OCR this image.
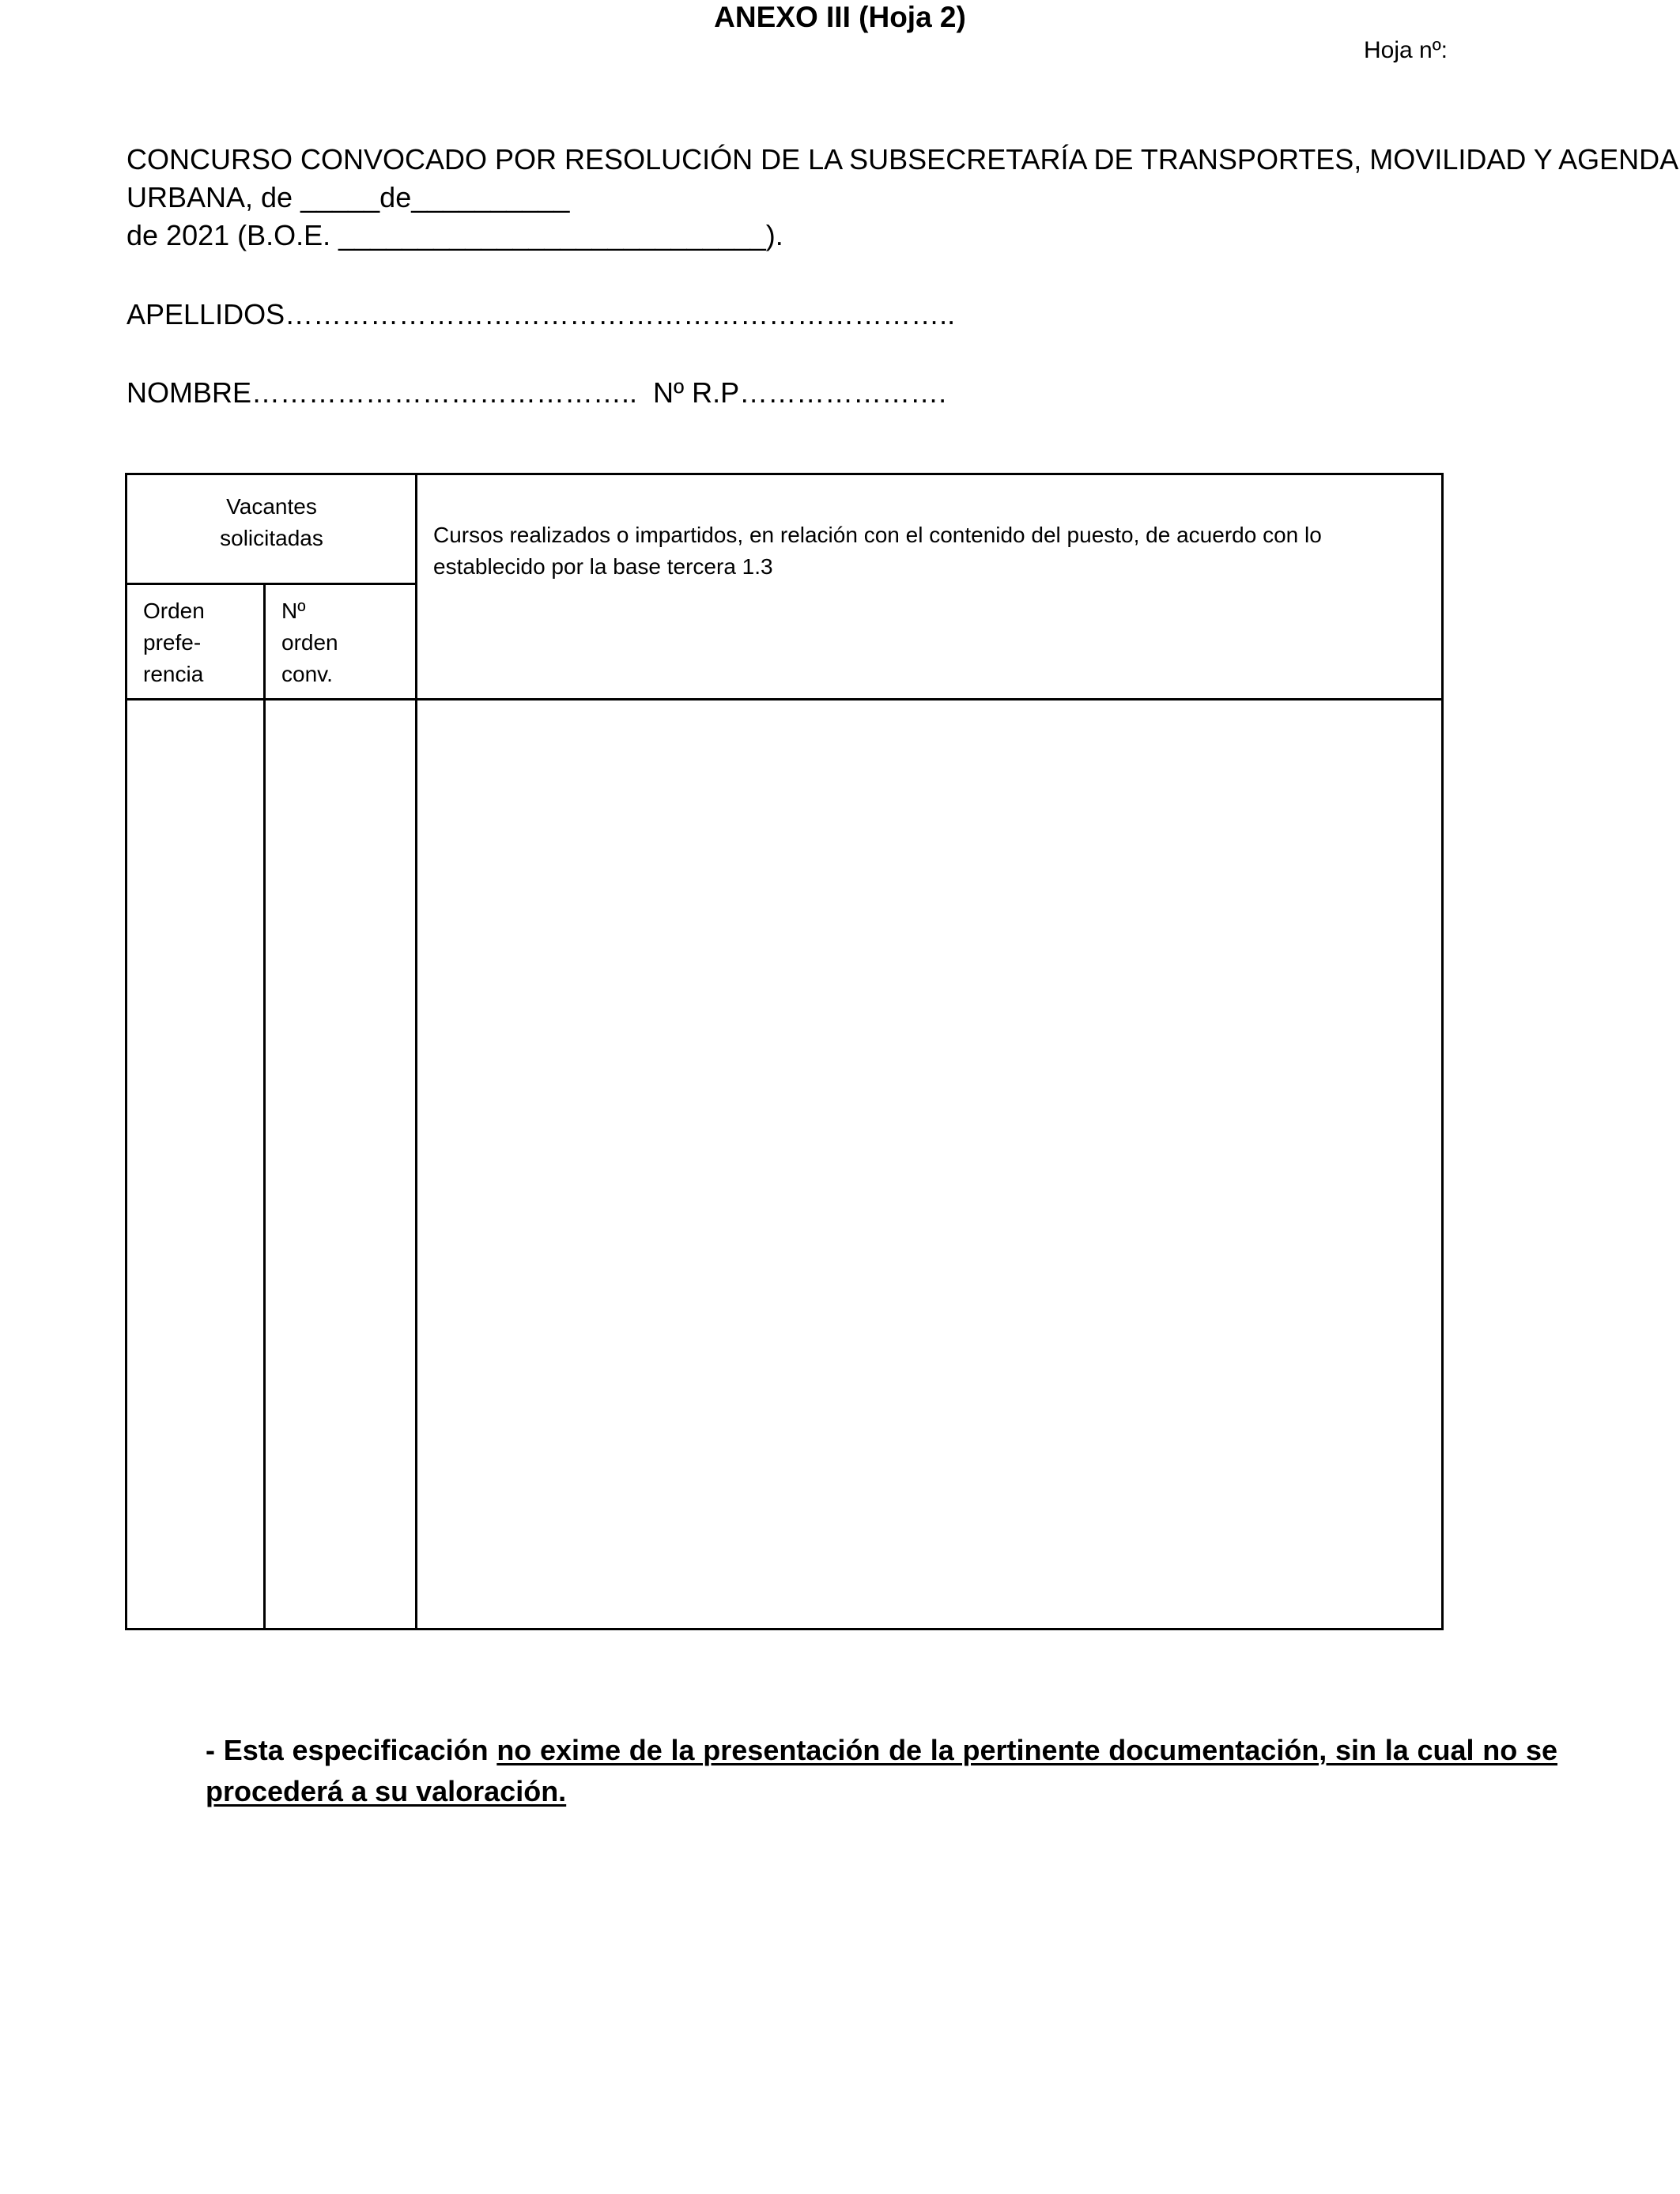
ANEXO III (Hoja 2)
Hoja nº:
CONCURSO CONVOCADO POR RESOLUCIÓN DE LA SUBSECRETARÍA DE TRANSPORTES, MOVILIDAD Y AGENDA
URBANA, de _____de__________
de 2021 (B.O.E. ___________________________).
APELLIDOS……………………………………………………………..
NOMBRE…………………………………..  Nº R.P………………….
Vacantes
solicitadas
Orden
prefe-
rencia
Nº
orden
conv.
Cursos realizados o impartidos, en relación con el contenido del puesto, de acuerdo con lo
establecido por la base tercera 1.3
- Esta especificación no exime de la presentación de la pertinente documentación, sin la cual no se procederá a su valoración.
